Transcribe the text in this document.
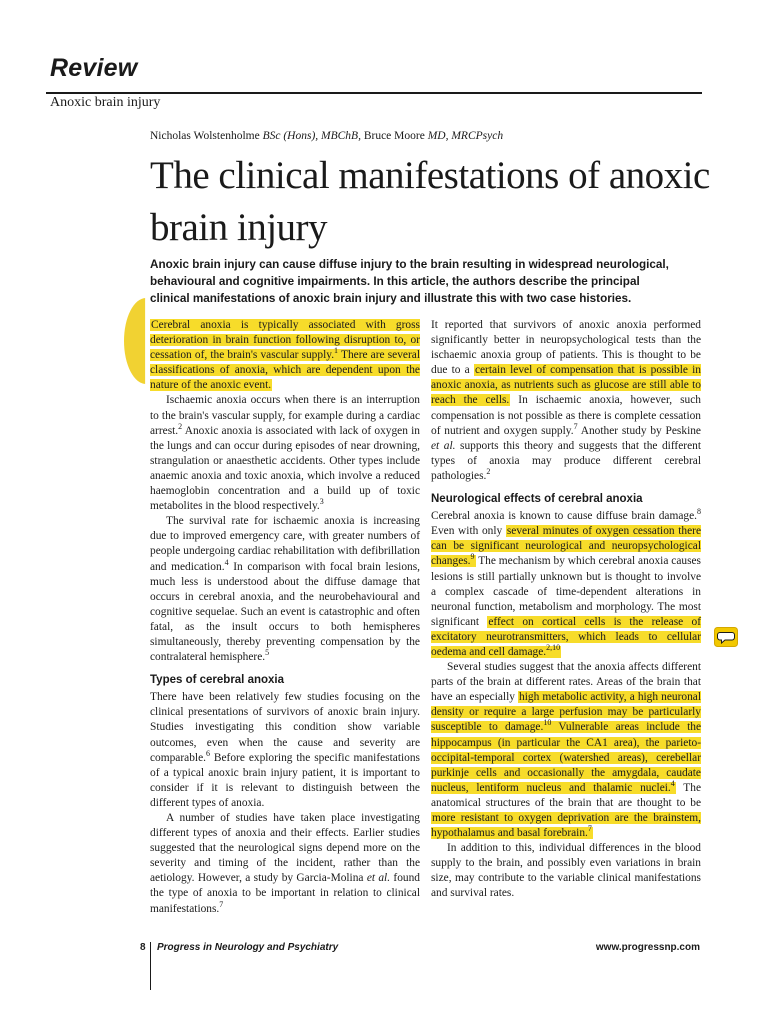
Review
Anoxic brain injury
Nicholas Wolstenholme BSc (Hons), MBChB, Bruce Moore MD, MRCPsych
The clinical manifestations of anoxic brain injury
Anoxic brain injury can cause diffuse injury to the brain resulting in widespread neurological, behavioural and cognitive impairments. In this article, the authors describe the principal clinical manifestations of anoxic brain injury and illustrate this with two case histories.

Cerebral anoxia is typically associated with gross deterioration in brain function following disruption to, or cessation of, the brain's vascular supply.$^1$ There are several classifications of anoxia, which are dependent upon the nature of the anoxic event.

Ischaemic anoxia occurs when there is an interruption to the brain's vascular supply, for example during a cardiac arrest.$^2$ Anoxic anoxia is associated with lack of oxygen in the lungs and can occur during episodes of near drowning, strangulation or anaesthetic accidents. Other types include anaemic anoxia and toxic anoxia, which involve a reduced haemoglobin concentration and a build up of toxic metabolites in the blood respectively.$^3$

The survival rate for ischaemic anoxia is increasing due to improved emergency care, with greater numbers of people undergoing cardiac rehabilitation with defibrillation and medication.$^4$ In comparison with focal brain lesions, much less is understood about the diffuse damage that occurs in cerebral anoxia, and the neurobehavioural and cognitive sequelae. Such an event is catastrophic and often fatal, as the insult occurs to both hemispheres simultaneously, thereby preventing compensation by the contralateral hemisphere.$^5$

Types of cerebral anoxia

There have been relatively few studies focusing on the clinical presentations of survivors of anoxic brain injury. Studies investigating this condition show variable outcomes, even when the cause and severity are comparable.$^6$ Before exploring the specific manifestations of a typical anoxic brain injury patient, it is important to consider if it is relevant to distinguish between the different types of anoxia.

A number of studies have taken place investigating different types of anoxia and their effects. Earlier studies suggested that the neurological signs depend more on the severity and timing of the incident, rather than the aetiology. However, a study by Garcia-Molina et al. found the type of anoxia to be important in relation to clinical manifestations.$^7$

It reported that survivors of anoxic anoxia performed significantly better in neuropsychological tests than the ischaemic anoxia group of patients. This is thought to be due to a certain level of compensation that is possible in anoxic anoxia, as nutrients such as glucose are still able to reach the cells. In ischaemic anoxia, however, such compensation is not possible as there is complete cessation of nutrient and oxygen supply.$^7$ Another study by Peskine et al. supports this theory and suggests that the different types of anoxia may produce different cerebral pathologies.$^2$

Neurological effects of cerebral anoxia

Cerebral anoxia is known to cause diffuse brain damage.$^8$ Even with only several minutes of oxygen cessation there can be significant neurological and neuropsychological changes.$^9$ The mechanism by which cerebral anoxia causes lesions is still partially unknown but is thought to involve a complex cascade of time-dependent alterations in neuronal function, metabolism and morphology. The most significant effect on cortical cells is the release of excitatory neurotransmitters, which leads to cellular oedema and cell damage.$^{2,10}$

Several studies suggest that the anoxia affects different parts of the brain at different rates. Areas of the brain that have an especially high metabolic activity, a high neuronal density or require a large perfusion may be particularly susceptible to damage.$^{10}$ Vulnerable areas include the hippocampus (in particular the CA1 area), the parieto-occipital-temporal cortex (watershed areas), cerebellar purkinje cells and occasionally the amygdala, caudate nucleus, lentiform nucleus and thalamic nuclei.$^4$ The anatomical structures of the brain that are thought to be more resistant to oxygen deprivation are the brainstem, hypothalamus and basal forebrain.$^7$

In addition to this, individual differences in the blood supply to the brain, and possibly even variations in brain size, may contribute to the variable clinical manifestations and survival rates.

8 Progress in Neurology and Psychiatry	www.progressnp.com
